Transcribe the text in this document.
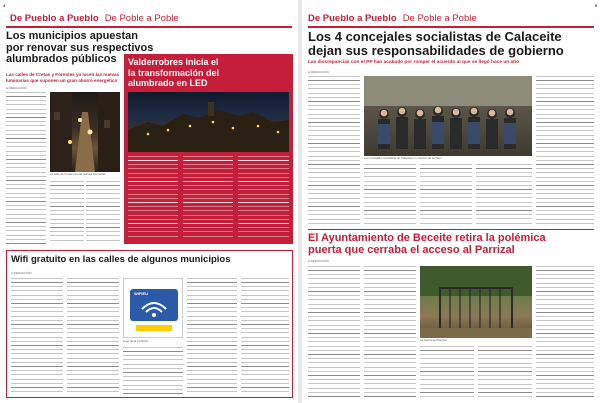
4
De Pueblo a Pueblo De Poble a Poble
Los municipios apuestan
por renovar sus respectivos
alumbrados públicos
Las calles de Cretas y Fórnoles ya lucen las nuevas
luminarias que suponen un gran ahorro energético
● REDACCIÓN
La calle de Cretas con las nuevas luminarias
Valderrobres inicia el
la transformación del
alumbrado en LED
Wifi gratuito en las calles de algunos municipios
● REDACCIÓN
WIFIEU
Logo de la iniciativa
5
De Pueblo a Pueblo De Poble a Poble
Los 4 concejales socialistas de Calaceite
dejan sus responsabilidades de gobierno
Las discrepancias con el PP han acabado por romper el acuerdo al que se llegó hace un año
● REDACCIÓN
Los concejales socialistas de Calaceite en una foto de archivo
El Ayuntamiento de Beceite retira la polémica
puerta que cerraba el acceso al Parrizal
● REDACCIÓN
La puerta del Parrizal
